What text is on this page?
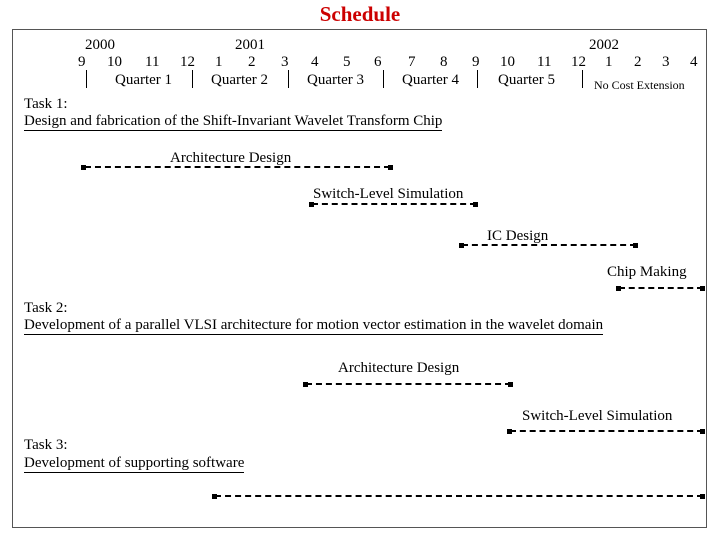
Schedule
2000	2001	2002
9 10 11 12 1 2 3 4 5 6 7 8 9 10 11 12 1 2 3 4
Quarter 1	Quarter 2	Quarter 3	Quarter 4	Quarter 5	No Cost Extension
Task 1:
Design and fabrication of the Shift-Invariant Wavelet Transform Chip
Architecture Design
Switch-Level Simulation
IC Design
Chip Making
Task 2:
Development of a parallel VLSI architecture for motion vector estimation in the wavelet domain
Architecture Design
Switch-Level Simulation
Task 3:
Development of supporting software
